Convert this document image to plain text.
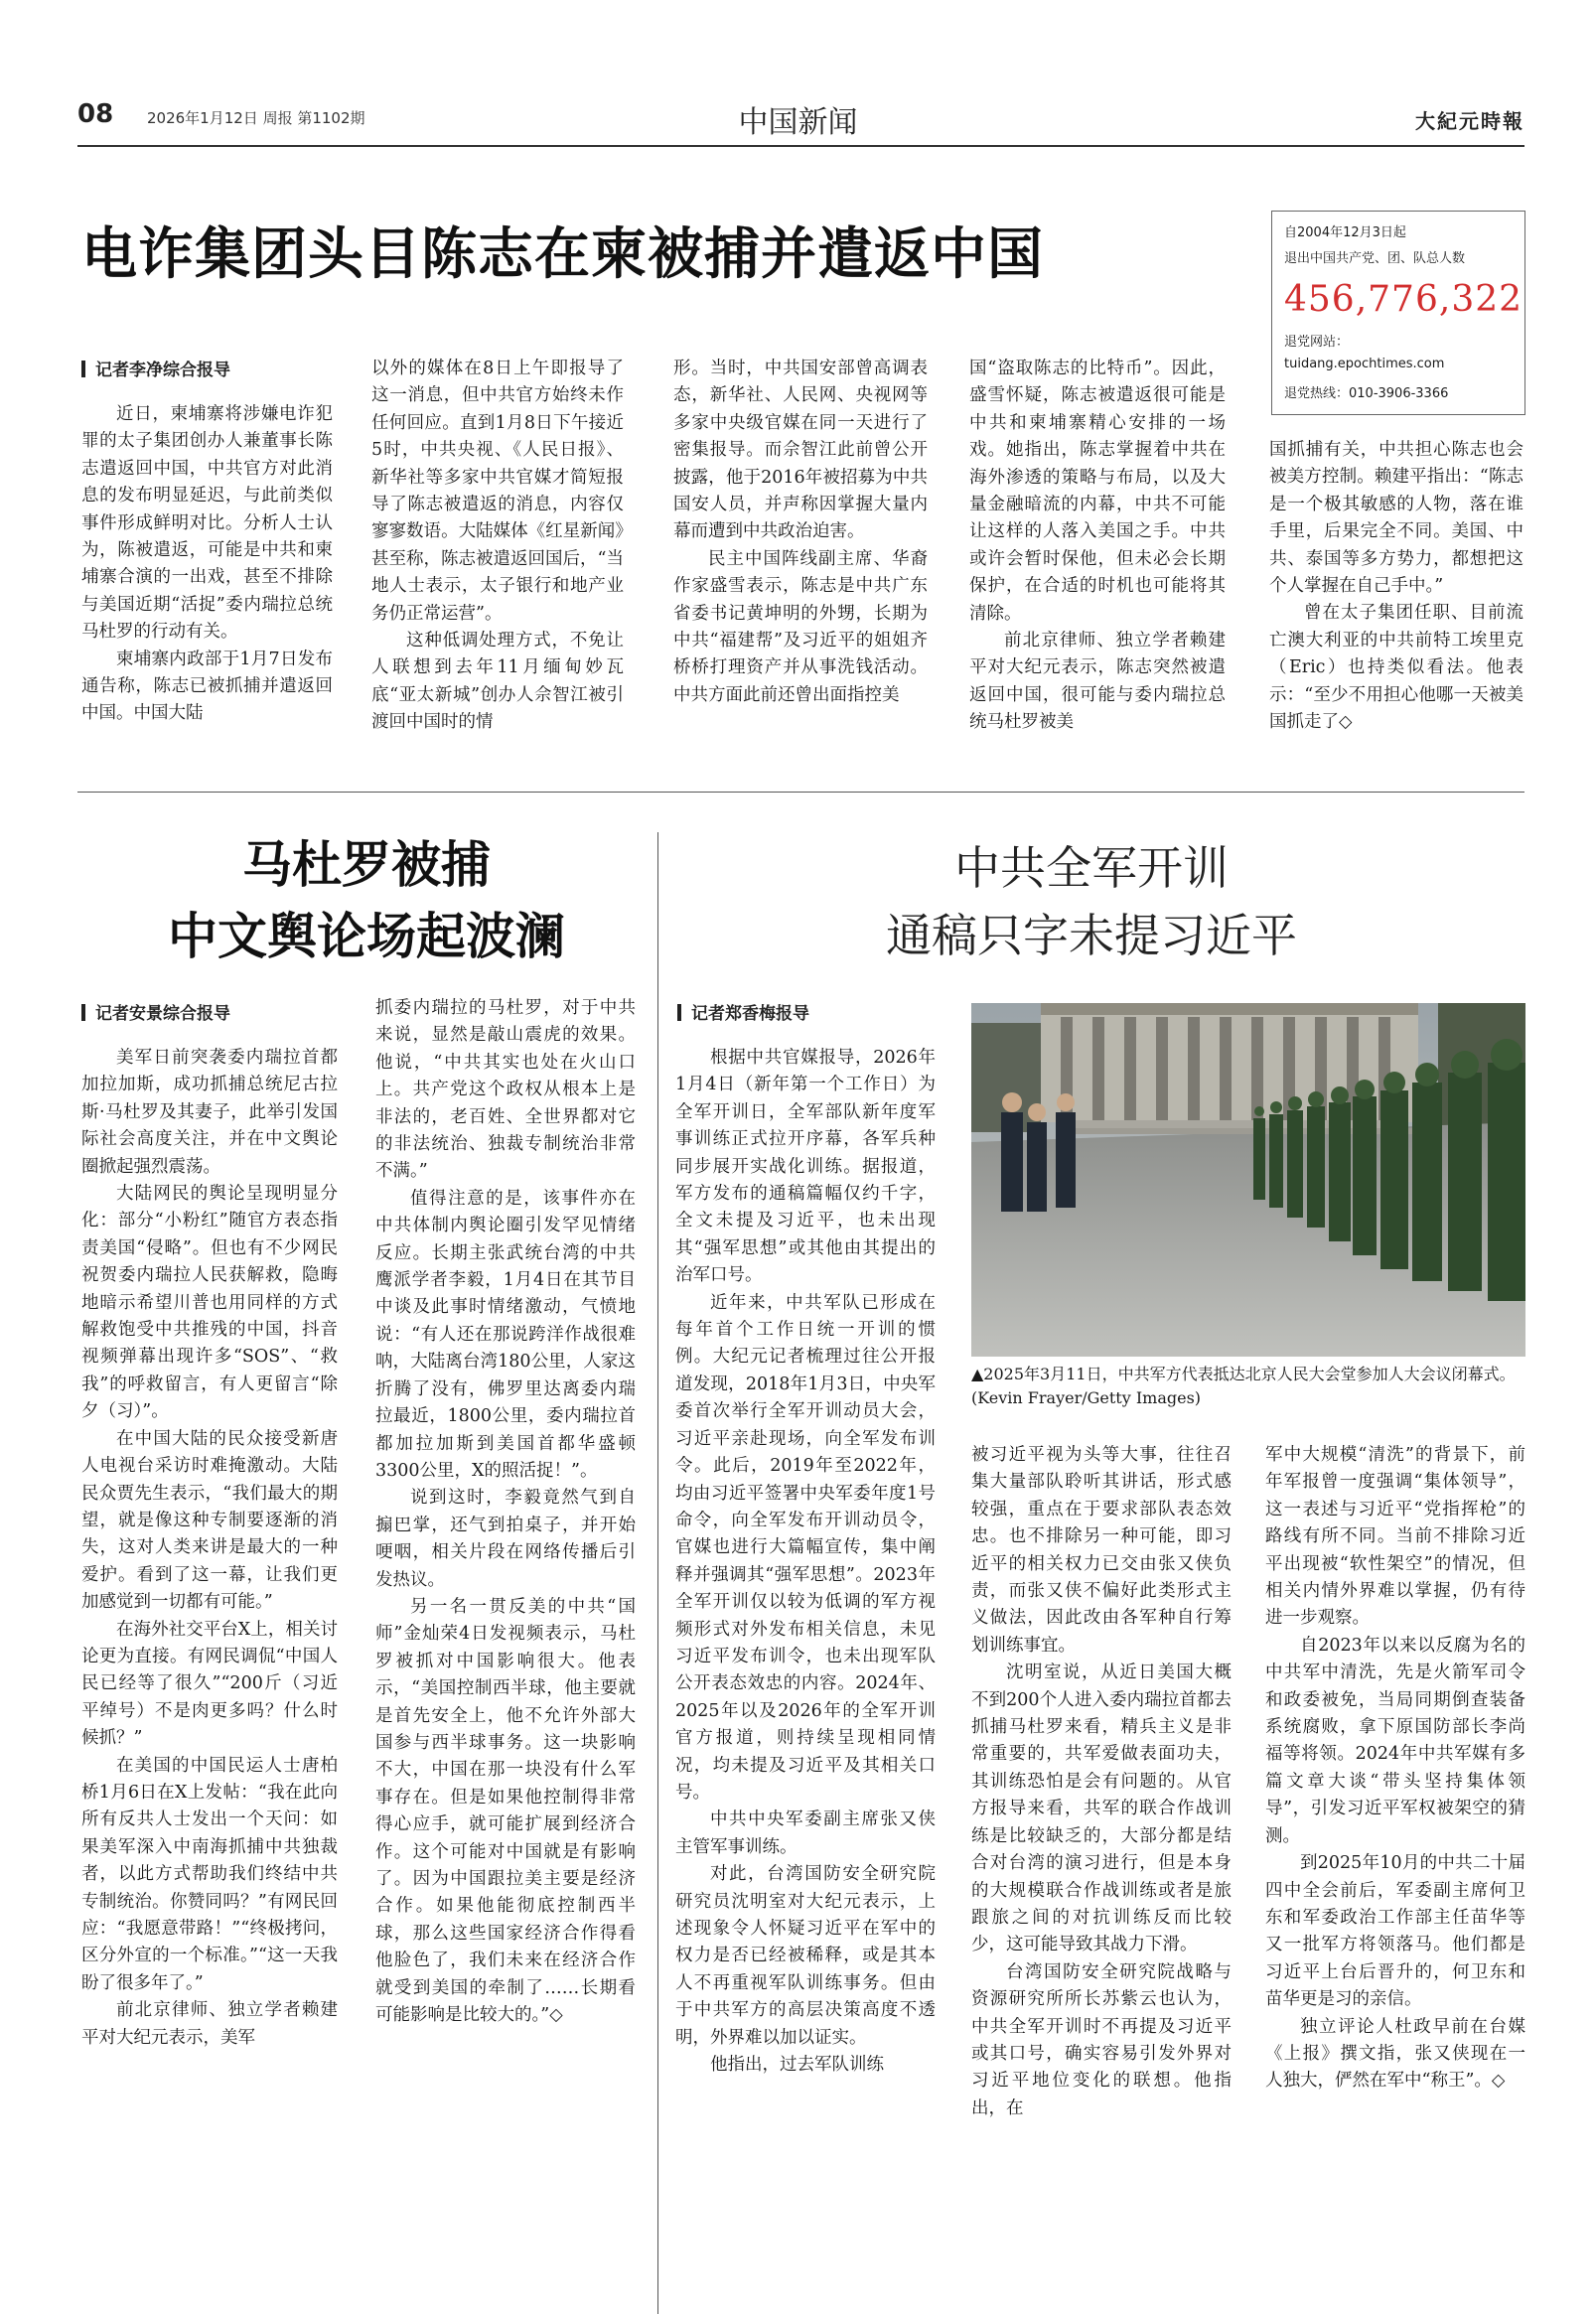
08 2026年1月12日 周报 第1102期	中国新闻	大紀元時報
电诈集团头目陈志在柬被捕并遣返中国	自2004年12月3日起
退出中国共产党、团、队总人数
456,776,322
退党网站：
tuidang.epochtimes.com
退党热线：010-3906-3366
记者李净综合报导

近日，柬埔寨将涉嫌电诈犯罪的太子集团创办人兼董事长陈志遣返回中国，中共官方对此消息的发布明显延迟，与此前类似事件形成鲜明对比。分析人士认为，陈被遣返，可能是中共和柬埔寨合演的一出戏，甚至不排除与美国近期“活捉”委内瑞拉总统马杜罗的行动有关。

柬埔寨内政部于1月7日发布通告称，陈志已被抓捕并遣返回中国。中国大陆

以外的媒体在8日上午即报导了这一消息，但中共官方始终未作任何回应。直到1月8日下午接近5时，中共央视、《人民日报》、新华社等多家中共官媒才简短报导了陈志被遣返的消息，内容仅寥寥数语。大陆媒体《红星新闻》甚至称，陈志被遣返回国后，“当地人士表示，太子银行和地产业务仍正常运营”。

这种低调处理方式，不免让人联想到去年11月缅甸妙瓦底“亚太新城”创办人佘智江被引渡回中国时的情

形。当时，中共国安部曾高调表态，新华社、人民网、央视网等多家中央级官媒在同一天进行了密集报导。而佘智江此前曾公开披露，他于2016年被招募为中共国安人员，并声称因掌握大量内幕而遭到中共政治迫害。

民主中国阵线副主席、华裔作家盛雪表示，陈志是中共广东省委书记黄坤明的外甥，长期为中共“福建帮”及习近平的姐姐齐桥桥打理资产并从事洗钱活动。中共方面此前还曾出面指控美

国“盗取陈志的比特币”。因此，盛雪怀疑，陈志被遣返很可能是中共和柬埔寨精心安排的一场戏。她指出，陈志掌握着中共在海外渗透的策略与布局，以及大量金融暗流的内幕，中共不可能让这样的人落入美国之手。中共或许会暂时保他，但未必会长期保护，在合适的时机也可能将其清除。

前北京律师、独立学者赖建平对大纪元表示，陈志突然被遣返回中国，很可能与委内瑞拉总统马杜罗被美

国抓捕有关，中共担心陈志也会被美方控制。赖建平指出：“陈志是一个极其敏感的人物，落在谁手里，后果完全不同。美国、中共、泰国等多方势力，都想把这个人掌握在自己手中。”

曾在太子集团任职、目前流亡澳大利亚的中共前特工埃里克（Eric）也持类似看法。他表示：“至少不用担心他哪一天被美国抓走了◇

马杜罗被捕
中文舆论场起波澜
记者安景综合报导

美军日前突袭委内瑞拉首都加拉加斯，成功抓捕总统尼古拉斯·马杜罗及其妻子，此举引发国际社会高度关注，并在中文舆论圈掀起强烈震荡。

大陆网民的舆论呈现明显分化：部分“小粉红”随官方表态指责美国“侵略”。但也有不少网民祝贺委内瑞拉人民获解救，隐晦地暗示希望川普也用同样的方式解救饱受中共推残的中国，抖音视频弹幕出现许多“SOS”、“救我”的呼救留言，有人更留言“除夕（习）”。

在中国大陆的民众接受新唐人电视台采访时难掩激动。大陆民众贾先生表示，“我们最大的期望，就是像这种专制要逐渐的消失，这对人类来讲是最大的一种爱护。看到了这一幕，让我们更加感觉到一切都有可能。”

在海外社交平台X上，相关讨论更为直接。有网民调侃“中国人民已经等了很久”“200斤（习近平绰号）不是肉更多吗？什么时候抓？”

在美国的中国民运人士唐柏桥1月6日在X上发帖：“我在此向所有反共人士发出一个天问：如果美军深入中南海抓捕中共独裁者，以此方式帮助我们终结中共专制统治。你赞同吗？”有网民回应：“我愿意带路！”“终极拷问，区分外宣的一个标准。”“这一天我盼了很多年了。”

前北京律师、独立学者赖建平对大纪元表示，美军

抓委内瑞拉的马杜罗，对于中共来说，显然是敲山震虎的效果。他说，“中共其实也处在火山口上。共产党这个政权从根本上是非法的，老百姓、全世界都对它的非法统治、独裁专制统治非常不满。”

值得注意的是，该事件亦在中共体制内舆论圈引发罕见情绪反应。长期主张武统台湾的中共鹰派学者李毅，1月4日在其节目中谈及此事时情绪激动，气愤地说：“有人还在那说跨洋作战很难呐，大陆离台湾180公里，人家这折腾了没有，佛罗里达离委内瑞拉最近，1800公里，委内瑞拉首都加拉加斯到美国首都华盛顿3300公里，X的照活捉！”。

说到这时，李毅竟然气到自搧巴掌，还气到拍桌子，并开始哽咽，相关片段在网络传播后引发热议。

另一名一贯反美的中共“国师”金灿荣4日发视频表示，马杜罗被抓对中国影响很大。他表示，“美国控制西半球，他主要就是首先安全上，他不允许外部大国参与西半球事务。这一块影响不大，中国在那一块没有什么军事存在。但是如果他控制得非常得心应手，就可能扩展到经济合作。这个可能对中国就是有影响了。因为中国跟拉美主要是经济合作。如果他能彻底控制西半球，那么这些国家经济合作得看他脸色了，我们未来在经济合作就受到美国的牵制了……长期看可能影响是比较大的。”◇

中共全军开训
通稿只字未提习近平
记者郑香梅报导

根据中共官媒报导，2026年1月4日（新年第一个工作日）为全军开训日，全军部队新年度军事训练正式拉开序幕，各军兵种同步展开实战化训练。据报道，军方发布的通稿篇幅仅约千字，全文未提及习近平，也未出现其“强军思想”或其他由其提出的治军口号。

近年来，中共军队已形成在每年首个工作日统一开训的惯例。大纪元记者梳理过往公开报道发现，2018年1月3日，中央军委首次举行全军开训动员大会，习近平亲赴现场，向全军发布训令。此后，2019年至2022年，均由习近平签署中央军委年度1号命令，向全军发布开训动员令，官媒也进行大篇幅宣传，集中阐释并强调其“强军思想”。2023年全军开训仅以较为低调的军方视频形式对外发布相关信息，未见习近平发布训令，也未出现军队公开表态效忠的内容。2024年、2025年以及2026年的全军开训官方报道，则持续呈现相同情况，均未提及习近平及其相关口号。

中共中央军委副主席张又侠主管军事训练。

对此，台湾国防安全研究院研究员沈明室对大纪元表示，上述现象令人怀疑习近平在军中的权力是否已经被稀释，或是其本人不再重视军队训练事务。但由于中共军方的高层决策高度不透明，外界难以加以证实。

他指出，过去军队训练

▲2025年3月11日，中共军方代表抵达北京人民大会堂参加人大会议闭幕式。(Kevin Frayer/Getty Images)

被习近平视为头等大事，往往召集大量部队聆听其讲话，形式感较强，重点在于要求部队表态效忠。也不排除另一种可能，即习近平的相关权力已交由张又侠负责，而张又侠不偏好此类形式主义做法，因此改由各军种自行筹划训练事宜。

沈明室说，从近日美国大概不到200个人进入委内瑞拉首都去抓捕马杜罗来看，精兵主义是非常重要的，共军爱做表面功夫，其训练恐怕是会有问题的。从官方报导来看，共军的联合作战训练是比较缺乏的，大部分都是结合对台湾的演习进行，但是本身的大规模联合作战训练或者是旅跟旅之间的对抗训练反而比较少，这可能导致其战力下滑。

台湾国防安全研究院战略与资源研究所所长苏紫云也认为，中共全军开训时不再提及习近平或其口号，确实容易引发外界对习近平地位变化的联想。他指出，在

军中大规模“清洗”的背景下，前年军报曾一度强调“集体领导”，这一表述与习近平“党指挥枪”的路线有所不同。当前不排除习近平出现被“软性架空”的情况，但相关内情外界难以掌握，仍有待进一步观察。

自2023年以来以反腐为名的中共军中清洗，先是火箭军司令和政委被免，当局同期倒查装备系统腐败，拿下原国防部长李尚福等将领。2024年中共军媒有多篇文章大谈“带头坚持集体领导”，引发习近平军权被架空的猜测。

到2025年10月的中共二十届四中全会前后，军委副主席何卫东和军委政治工作部主任苗华等又一批军方将领落马。他们都是习近平上台后晋升的，何卫东和苗华更是习的亲信。

独立评论人杜政早前在台媒《上报》撰文指，张又侠现在一人独大，俨然在军中“称王”。◇
